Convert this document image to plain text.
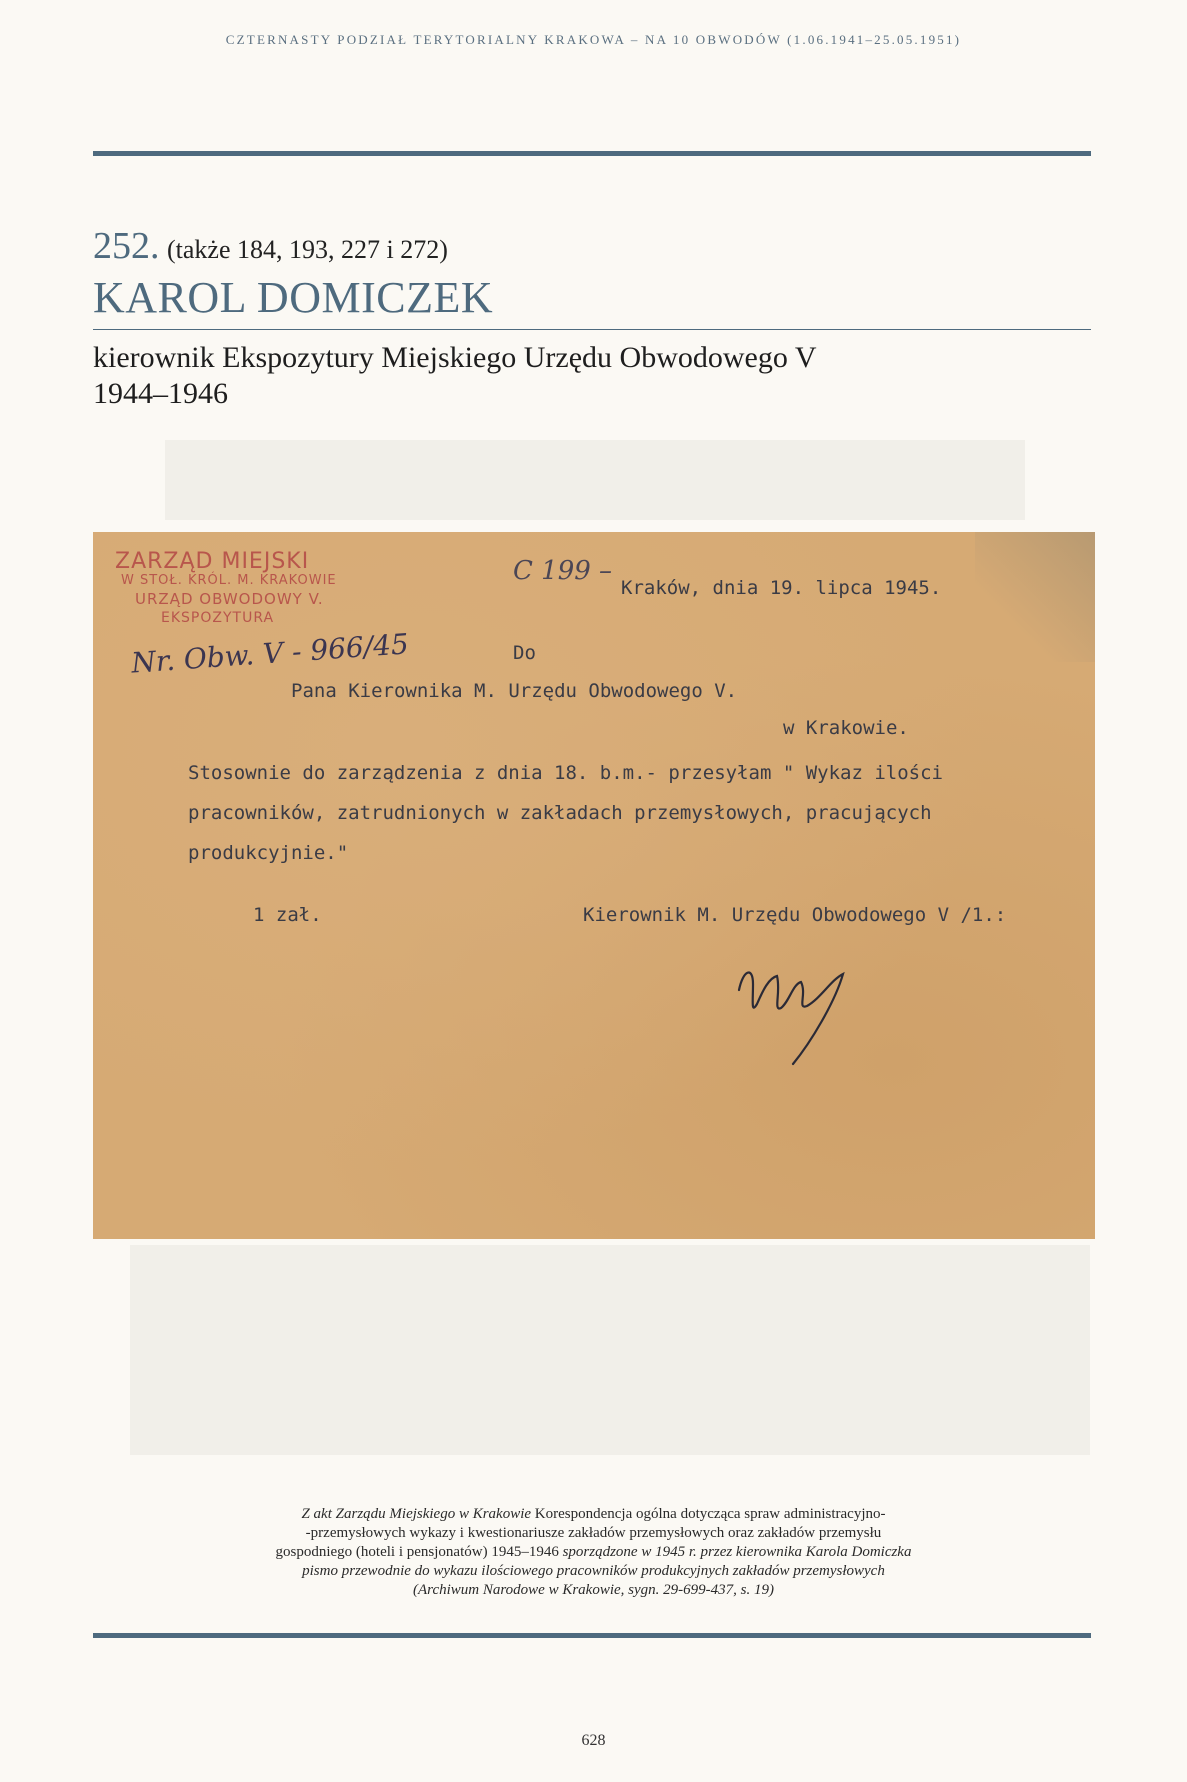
CZTERNASTY PODZIAŁ TERYTORIALNY KRAKOWA – NA 10 OBWODÓW (1.06.1941–25.05.1951)
252. (także 184, 193, 227 i 272)
KAROL DOMICZEK
kierownik Ekspozytury Miejskiego Urzędu Obwodowego V
1944–1946
ZARZĄD MIEJSKI
W STOŁ. KRÓL. M. KRAKOWIE
URZĄD OBWODOWY V.
EKSPOZYTURA
Nr. Obw. V - 966/45
C 199 –
Kraków, dnia 19. lipca 1945.
Do
Pana Kierownika M. Urzędu Obwodowego V.
w Krakowie.
Stosownie do zarządzenia z dnia 18. b.m.- przesyłam " Wykaz ilości
pracowników, zatrudnionych w zakładach przemysłowych, pracujących
produkcyjnie."
1 zał.	Kierownik M. Urzędu Obwodowego V /1.:
Z akt Zarządu Miejskiego w Krakowie Korespondencja ogólna dotycząca spraw administracyjno-
-przemysłowych wykazy i kwestionariusze zakładów przemysłowych oraz zakładów przemysłu
gospodniego (hoteli i pensjonatów) 1945–1946 sporządzone w 1945 r. przez kierownika Karola Domiczka
pismo przewodnie do wykazu ilościowego pracowników produkcyjnych zakładów przemysłowych
(Archiwum Narodowe w Krakowie, sygn. 29-699-437, s. 19)
628
